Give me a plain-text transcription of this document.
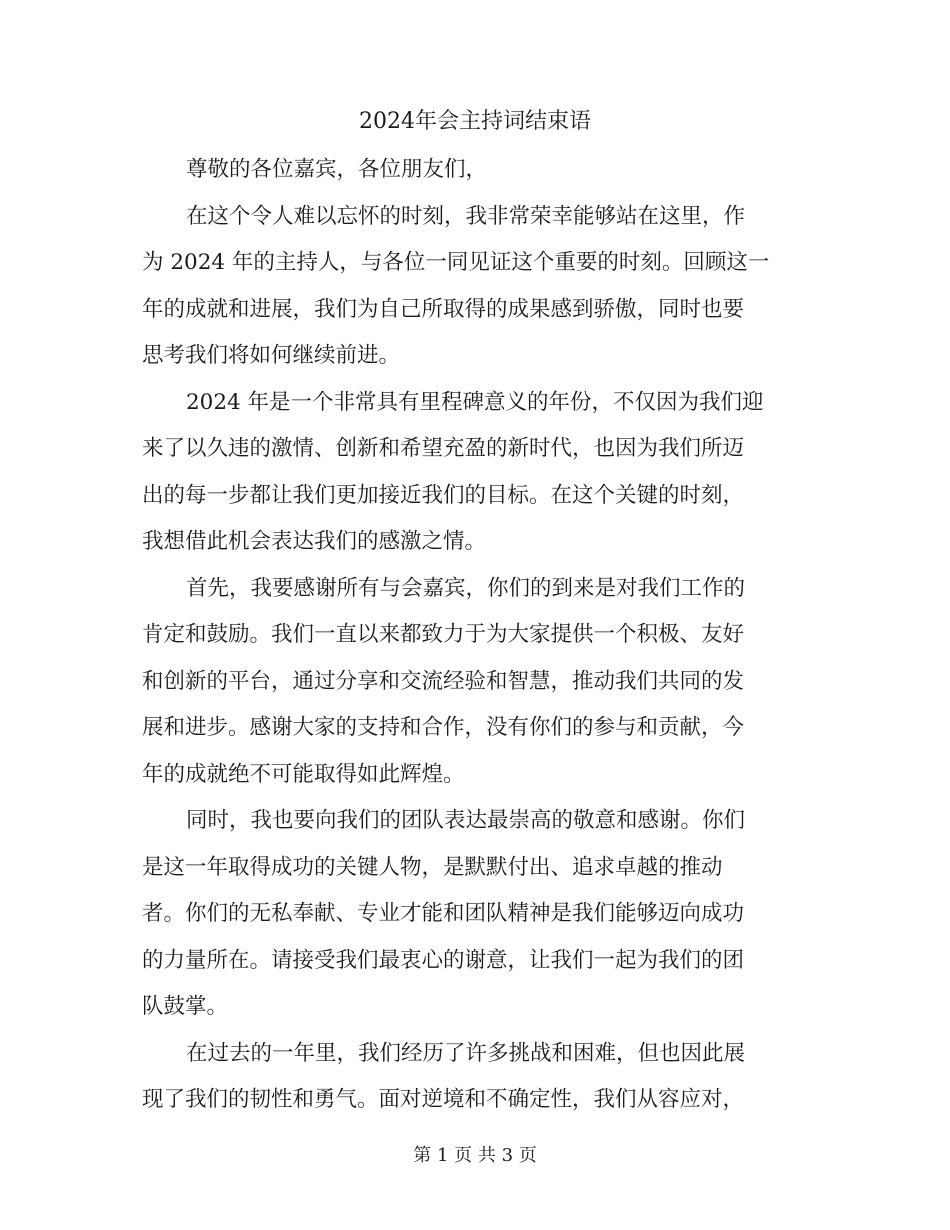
2024年会主持词结束语
尊敬的各位嘉宾，各位朋友们，
在这个令人难以忘怀的时刻，我非常荣幸能够站在这里，作
为 2024 年的主持人，与各位一同见证这个重要的时刻。回顾这一
年的成就和进展，我们为自己所取得的成果感到骄傲，同时也要
思考我们将如何继续前进。
2024 年是一个非常具有里程碑意义的年份，不仅因为我们迎
来了以久违的激情、创新和希望充盈的新时代，也因为我们所迈
出的每一步都让我们更加接近我们的目标。在这个关键的时刻，
我想借此机会表达我们的感激之情。
首先，我要感谢所有与会嘉宾，你们的到来是对我们工作的
肯定和鼓励。我们一直以来都致力于为大家提供一个积极、友好
和创新的平台，通过分享和交流经验和智慧，推动我们共同的发
展和进步。感谢大家的支持和合作，没有你们的参与和贡献，今
年的成就绝不可能取得如此辉煌。
同时，我也要向我们的团队表达最崇高的敬意和感谢。你们
是这一年取得成功的关键人物，是默默付出、追求卓越的推动
者。你们的无私奉献、专业才能和团队精神是我们能够迈向成功
的力量所在。请接受我们最衷心的谢意，让我们一起为我们的团
队鼓掌。
在过去的一年里，我们经历了许多挑战和困难，但也因此展
现了我们的韧性和勇气。面对逆境和不确定性，我们从容应对，
第 1 页 共 3 页
